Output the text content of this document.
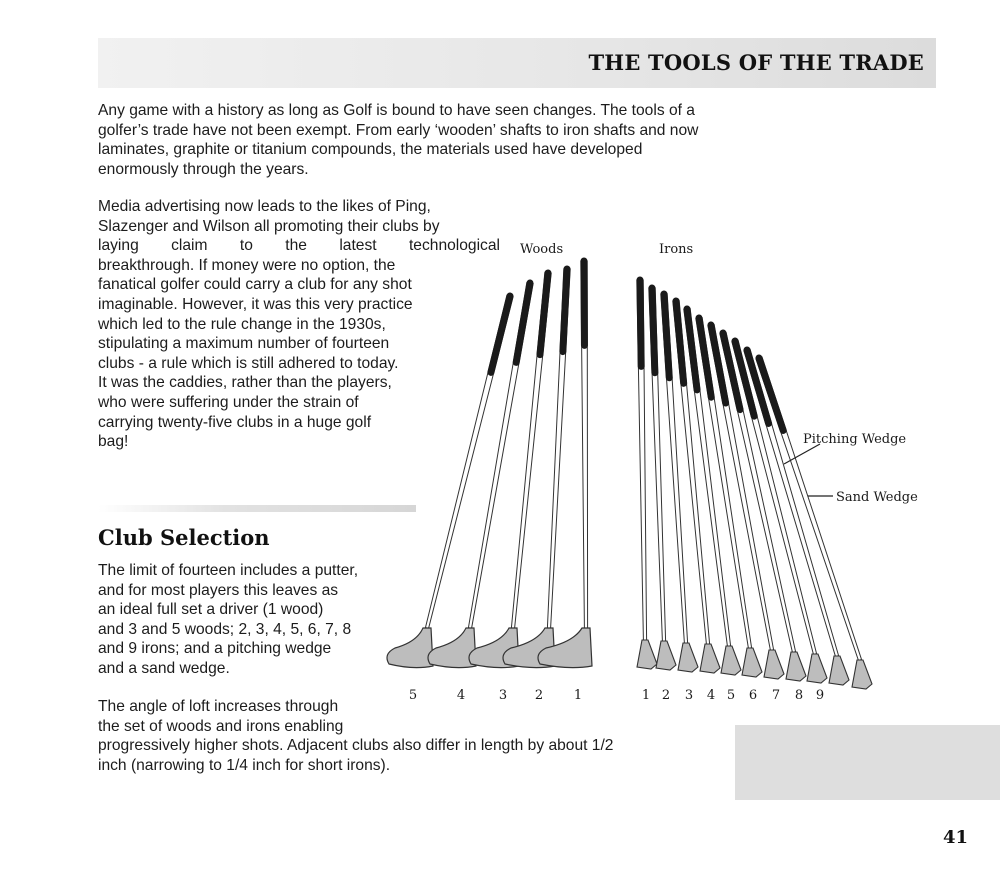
THE TOOLS OF THE TRADE

Any game with a history as long as Golf is bound to have seen changes. The tools of a golfer’s trade have not been exempt. From early ‘wooden’ shafts to iron shafts and now laminates, graphite or titanium compounds, the materials used have developed enormously through the years.

Media advertising now leads to the likes of Ping,
Slazenger and Wilson all promoting their clubs by
laying claim to the latest technological
breakthrough. If money were no option, the
fanatical golfer could carry a club for any shot
imaginable. However, it was this very practice
which led to the rule change in the 1930s,
stipulating a maximum number of fourteen
clubs - a rule which is still adhered to today.
It was the caddies, rather than the players,
who were suffering under the strain of
carrying twenty-five clubs in a huge golf
bag!

Club Selection

The limit of fourteen includes a putter,
and for most players this leaves as
an ideal full set a driver (1 wood)
and 3 and 5 woods; 2, 3, 4, 5, 6, 7, 8
and 9 irons; and a pitching wedge
and a sand wedge.

The angle of loft increases through
the set of woods and irons enabling
progressively higher shots. Adjacent clubs also differ in length by about 1/2
inch (narrowing to 1/4 inch for short irons).

Woods	Irons
Pitching Wedge
Sand Wedge
5	4	3 2 1	1 2 3 4 5 6 7 8 9
41
